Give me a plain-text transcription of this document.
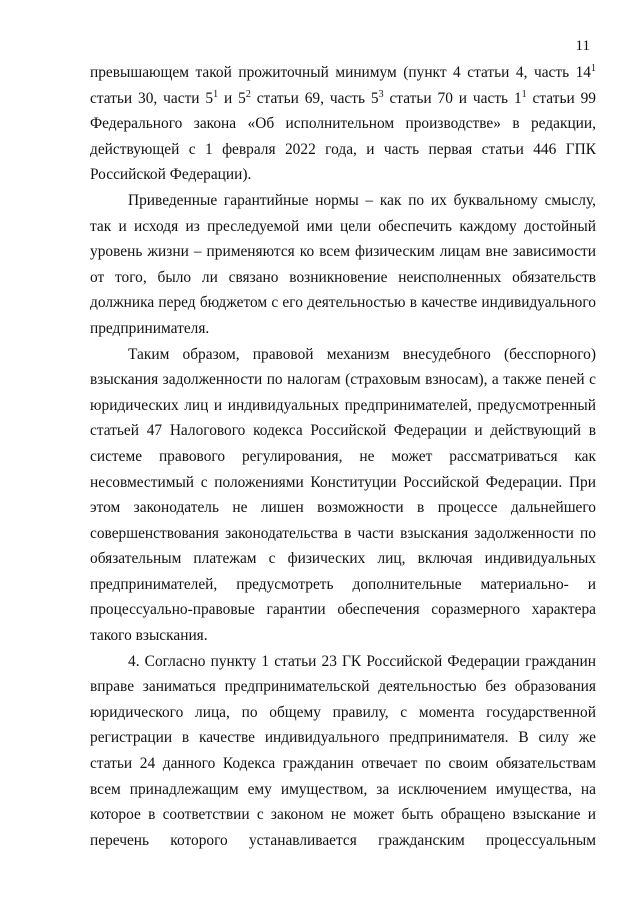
11

превышающем такой прожиточный минимум (пункт 4 статьи 4, часть $14^1$ статьи 30, части $5^1$ и $5^2$ статьи 69, часть $5^3$ статьи 70 и часть $1^1$ статьи 99 Федерального закона «Об исполнительном производстве» в редакции, действующей с 1 февраля 2022 года, и часть первая статьи 446 ГПК Российской Федерации).

Приведенные гарантийные нормы – как по их буквальному смыслу, так и исходя из преследуемой ими цели обеспечить каждому достойный уровень жизни – применяются ко всем физическим лицам вне зависимости от того, было ли связано возникновение неисполненных обязательств должника перед бюджетом с его деятельностью в качестве индивидуального предпринимателя.

Таким образом, правовой механизм внесудебного (бесспорного) взыскания задолженности по налогам (страховым взносам), а также пеней с юридических лиц и индивидуальных предпринимателей, предусмотренный статьей 47 Налогового кодекса Российской Федерации и действующий в системе правового регулирования, не может рассматриваться как несовместимый с положениями Конституции Российской Федерации. При этом законодатель не лишен возможности в процессе дальнейшего совершенствования законодательства в части взыскания задолженности по обязательным платежам с физических лиц, включая индивидуальных предпринимателей, предусмотреть дополнительные материально- и процессуально-правовые гарантии обеспечения соразмерного характера такого взыскания.

4. Согласно пункту 1 статьи 23 ГК Российской Федерации гражданин вправе заниматься предпринимательской деятельностью без образования юридического лица, по общему правилу, с момента государственной регистрации в качестве индивидуального предпринимателя. В силу же статьи 24 данного Кодекса гражданин отвечает по своим обязательствам всем принадлежащим ему имуществом, за исключением имущества, на которое в соответствии с законом не может быть обращено взыскание и перечень которого устанавливается гражданским процессуальным
